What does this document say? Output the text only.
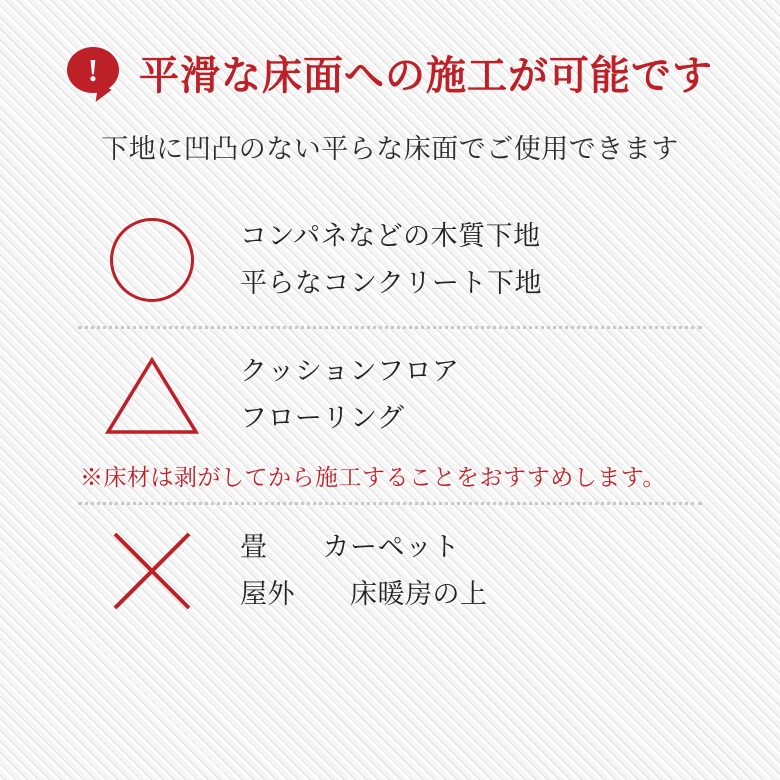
!	平滑な床面への施工が可能です
下地に凹凸のない平らな床面でご使用できます
コンパネなどの木質下地
平らなコンクリート下地
クッションフロア
フローリング
※床材は剥がしてから施工することをおすすめします。
畳　　カーペット
屋外　　床暖房の上
